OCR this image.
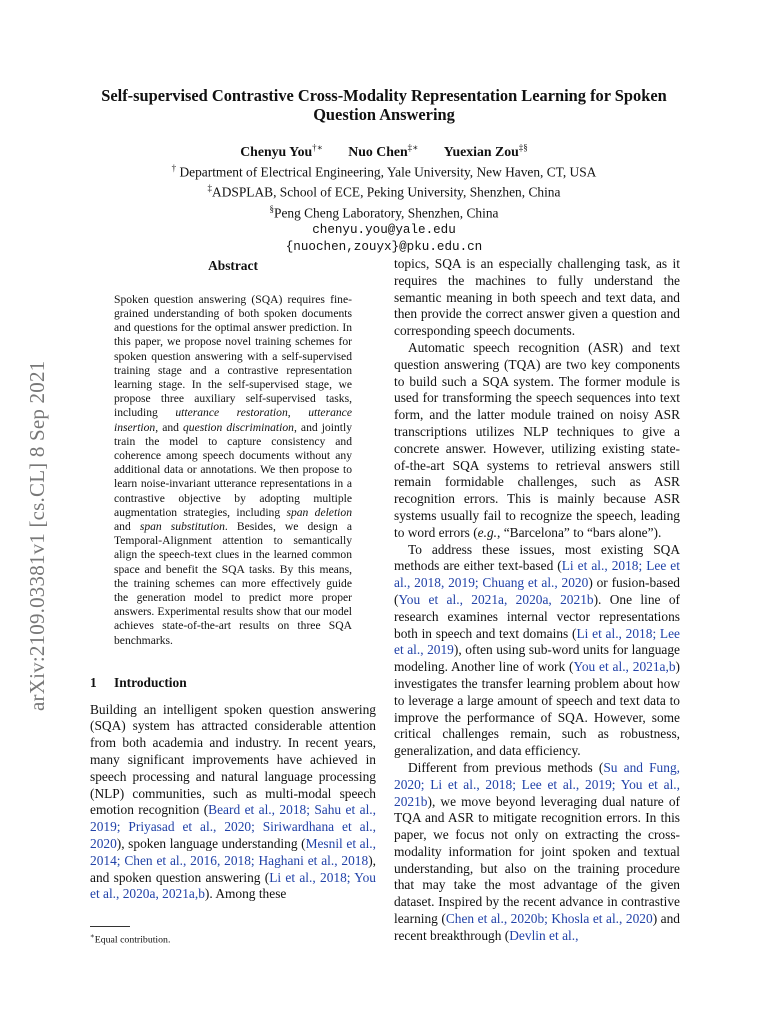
arXiv:2109.03381v1 [cs.CL] 8 Sep 2021
Self-supervised Contrastive Cross-Modality Representation Learning for Spoken Question Answering
Chenyu You†∗ Nuo Chen‡∗ Yuexian Zou‡§
† Department of Electrical Engineering, Yale University, New Haven, CT, USA
‡ADSPLAB, School of ECE, Peking University, Shenzhen, China
§Peng Cheng Laboratory, Shenzhen, China
chenyu.you@yale.edu
{nuochen,zouyx}@pku.edu.cn
Abstract

Spoken question answering (SQA) requires fine-grained understanding of both spoken documents and questions for the optimal answer prediction. In this paper, we propose novel training schemes for spoken question answering with a self-supervised training stage and a contrastive representation learning stage. In the self-supervised stage, we propose three auxiliary self-supervised tasks, including utterance restoration, utterance insertion, and question discrimination, and jointly train the model to capture consistency and coherence among speech documents without any additional data or annotations. We then propose to learn noise-invariant utterance representations in a contrastive objective by adopting multiple augmentation strategies, including span deletion and span substitution. Besides, we design a Temporal-Alignment attention to semantically align the speech-text clues in the learned common space and benefit the SQA tasks. By this means, the training schemes can more effectively guide the generation model to predict more proper answers. Experimental results show that our model achieves state-of-the-art results on three SQA benchmarks.

1 Introduction

Building an intelligent spoken question answering (SQA) system has attracted considerable attention from both academia and industry. In recent years, many significant improvements have achieved in speech processing and natural language processing (NLP) communities, such as multi-modal speech emotion recognition (Beard et al., 2018; Sahu et al., 2019; Priyasad et al., 2020; Siriwardhana et al., 2020), spoken language understanding (Mesnil et al., 2014; Chen et al., 2016, 2018; Haghani et al., 2018), and spoken question answering (Li et al., 2018; You et al., 2020a, 2021a,b). Among these

topics, SQA is an especially challenging task, as it requires the machines to fully understand the semantic meaning in both speech and text data, and then provide the correct answer given a question and corresponding speech documents.

Automatic speech recognition (ASR) and text question answering (TQA) are two key components to build such a SQA system. The former module is used for transforming the speech sequences into text form, and the latter module trained on noisy ASR transcriptions utilizes NLP techniques to give a concrete answer. However, utilizing existing state-of-the-art SQA systems to retrieval answers still remain formidable challenges, such as ASR recognition errors. This is mainly because ASR systems usually fail to recognize the speech, leading to word errors (e.g., “Barcelona” to “bars alone”).

To address these issues, most existing SQA methods are either text-based (Li et al., 2018; Lee et al., 2018, 2019; Chuang et al., 2020) or fusion-based (You et al., 2021a, 2020a, 2021b). One line of research examines internal vector representations both in speech and text domains (Li et al., 2018; Lee et al., 2019), often using sub-word units for language modeling. Another line of work (You et al., 2021a,b) investigates the transfer learning problem about how to leverage a large amount of speech and text data to improve the performance of SQA. However, some critical challenges remain, such as robustness, generalization, and data efficiency.

Different from previous methods (Su and Fung, 2020; Li et al., 2018; Lee et al., 2019; You et al., 2021b), we move beyond leveraging dual nature of TQA and ASR to mitigate recognition errors. In this paper, we focus not only on extracting the cross-modality information for joint spoken and textual understanding, but also on the training procedure that may take the most advantage of the given dataset. Inspired by the recent advance in contrastive learning (Chen et al., 2020b; Khosla et al., 2020) and recent breakthrough (Devlin et al.,

∗Equal contribution.
